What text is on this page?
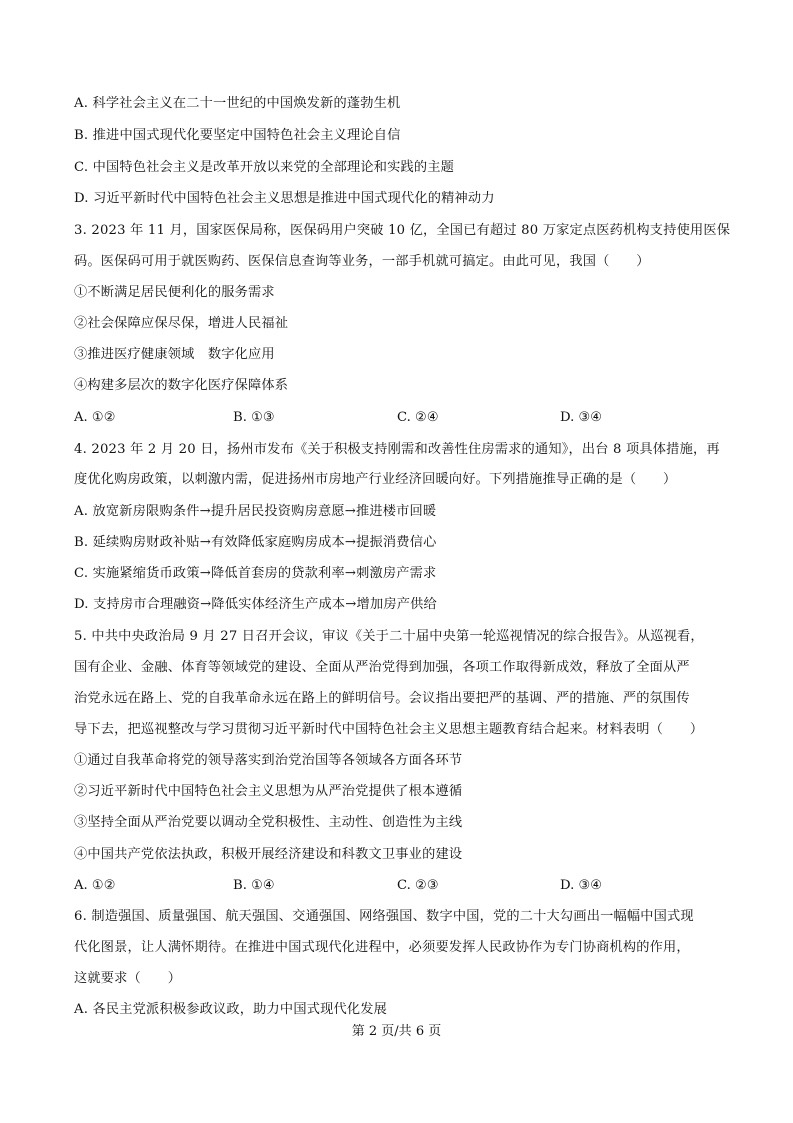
A. 科学社会主义在二十一世纪的中国焕发新的蓬勃生机
B. 推进中国式现代化要坚定中国特色社会主义理论自信
C. 中国特色社会主义是改革开放以来党的全部理论和实践的主题
D. 习近平新时代中国特色社会主义思想是推进中国式现代化的精神动力
3. 2023 年 11 月，国家医保局称，医保码用户突破 10 亿，全国已有超过 80 万家定点医药机构支持使用医保
码。医保码可用于就医购药、医保信息查询等业务，一部手机就可搞定。由此可见，我国（　　）
①不断满足居民便利化的服务需求
②社会保障应保尽保，增进人民福祉
③推进医疗健康领域　数字化应用
④构建多层次的数字化医疗保障体系
A. ①②	B. ①③	C. ②④	D. ③④
4. 2023 年 2 月 20 日，扬州市发布《关于积极支持刚需和改善性住房需求的通知》，出台 8 项具体措施，再
度优化购房政策，以刺激内需，促进扬州市房地产行业经济回暖向好。下列措施推导正确的是（　　）
A. 放宽新房限购条件→提升居民投资购房意愿→推进楼市回暖
B. 延续购房财政补贴→有效降低家庭购房成本→提振消费信心
C. 实施紧缩货币政策→降低首套房的贷款利率→刺激房产需求
D. 支持房市合理融资→降低实体经济生产成本→增加房产供给
5. 中共中央政治局 9 月 27 日召开会议，审议《关于二十届中央第一轮巡视情况的综合报告》。从巡视看，
国有企业、金融、体育等领域党的建设、全面从严治党得到加强，各项工作取得新成效，释放了全面从严
治党永远在路上、党的自我革命永远在路上的鲜明信号。会议指出要把严的基调、严的措施、严的氛围传
导下去，把巡视整改与学习贯彻习近平新时代中国特色社会主义思想主题教育结合起来。材料表明（　　）
①通过自我革命将党的领导落实到治党治国等各领域各方面各环节
②习近平新时代中国特色社会主义思想为从严治党提供了根本遵循
③坚持全面从严治党要以调动全党积极性、主动性、创造性为主线
④中国共产党依法执政，积极开展经济建设和科教文卫事业的建设
A. ①②	B. ①④	C. ②③	D. ③④
6. 制造强国、质量强国、航天强国、交通强国、网络强国、数字中国，党的二十大勾画出一幅幅中国式现
代化图景，让人满怀期待。在推进中国式现代化进程中，必须要发挥人民政协作为专门协商机构的作用，
这就要求（　　）
A. 各民主党派积极参政议政，助力中国式现代化发展
第 2 页/共 6 页
